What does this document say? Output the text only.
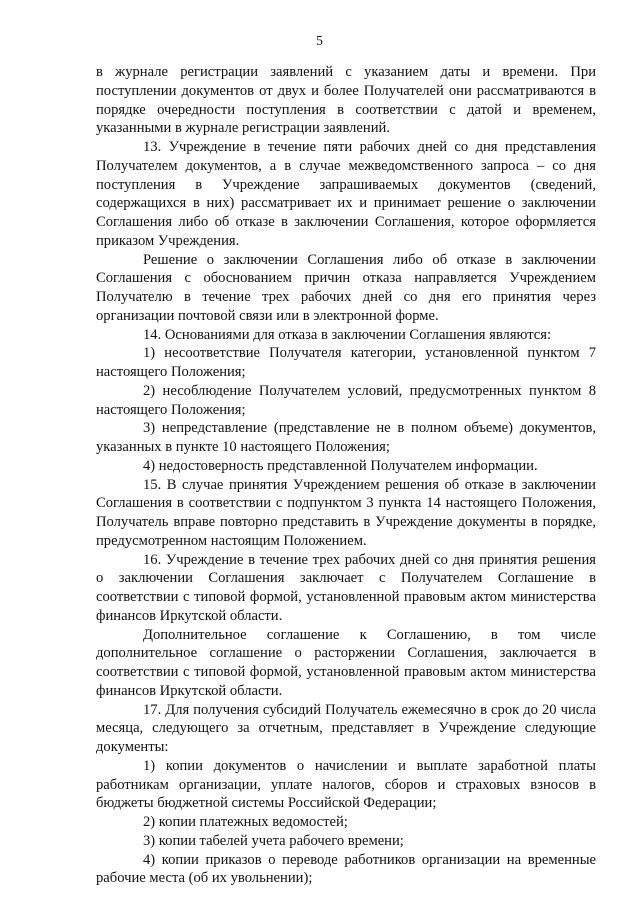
5

в журнале регистрации заявлений с указанием даты и времени. При поступлении документов от двух и более Получателей они рассматриваются в порядке очередности поступления в соответствии с датой и временем, указанными в журнале регистрации заявлений.

13. Учреждение в течение пяти рабочих дней со дня представления Получателем документов, а в случае межведомственного запроса – со дня поступления в Учреждение запрашиваемых документов (сведений, содержащихся в них) рассматривает их и принимает решение о заключении Соглашения либо об отказе в заключении Соглашения, которое оформляется приказом Учреждения.

Решение о заключении Соглашения либо об отказе в заключении Соглашения с обоснованием причин отказа направляется Учреждением Получателю в течение трех рабочих дней со дня его принятия через организации почтовой связи или в электронной форме.

14. Основаниями для отказа в заключении Соглашения являются:

1) несоответствие Получателя категории, установленной пунктом 7 настоящего Положения;

2) несоблюдение Получателем условий, предусмотренных пунктом 8 настоящего Положения;

3) непредставление (представление не в полном объеме) документов, указанных в пункте 10 настоящего Положения;

4) недостоверность представленной Получателем информации.

15. В случае принятия Учреждением решения об отказе в заключении Соглашения в соответствии с подпунктом 3 пункта 14 настоящего Положения, Получатель вправе повторно представить в Учреждение документы в порядке, предусмотренном настоящим Положением.

16. Учреждение в течение трех рабочих дней со дня принятия решения о заключении Соглашения заключает с Получателем Соглашение в соответствии с типовой формой, установленной правовым актом министерства финансов Иркутской области.

Дополнительное соглашение к Соглашению, в том числе дополнительное соглашение о расторжении Соглашения, заключается в соответствии с типовой формой, установленной правовым актом министерства финансов Иркутской области.

17. Для получения субсидий Получатель ежемесячно в срок до 20 числа месяца, следующего за отчетным, представляет в Учреждение следующие документы:

1) копии документов о начислении и выплате заработной платы работникам организации, уплате налогов, сборов и страховых взносов в бюджеты бюджетной системы Российской Федерации;

2) копии платежных ведомостей;

3) копии табелей учета рабочего времени;

4) копии приказов о переводе работников организации на временные рабочие места (об их увольнении);
